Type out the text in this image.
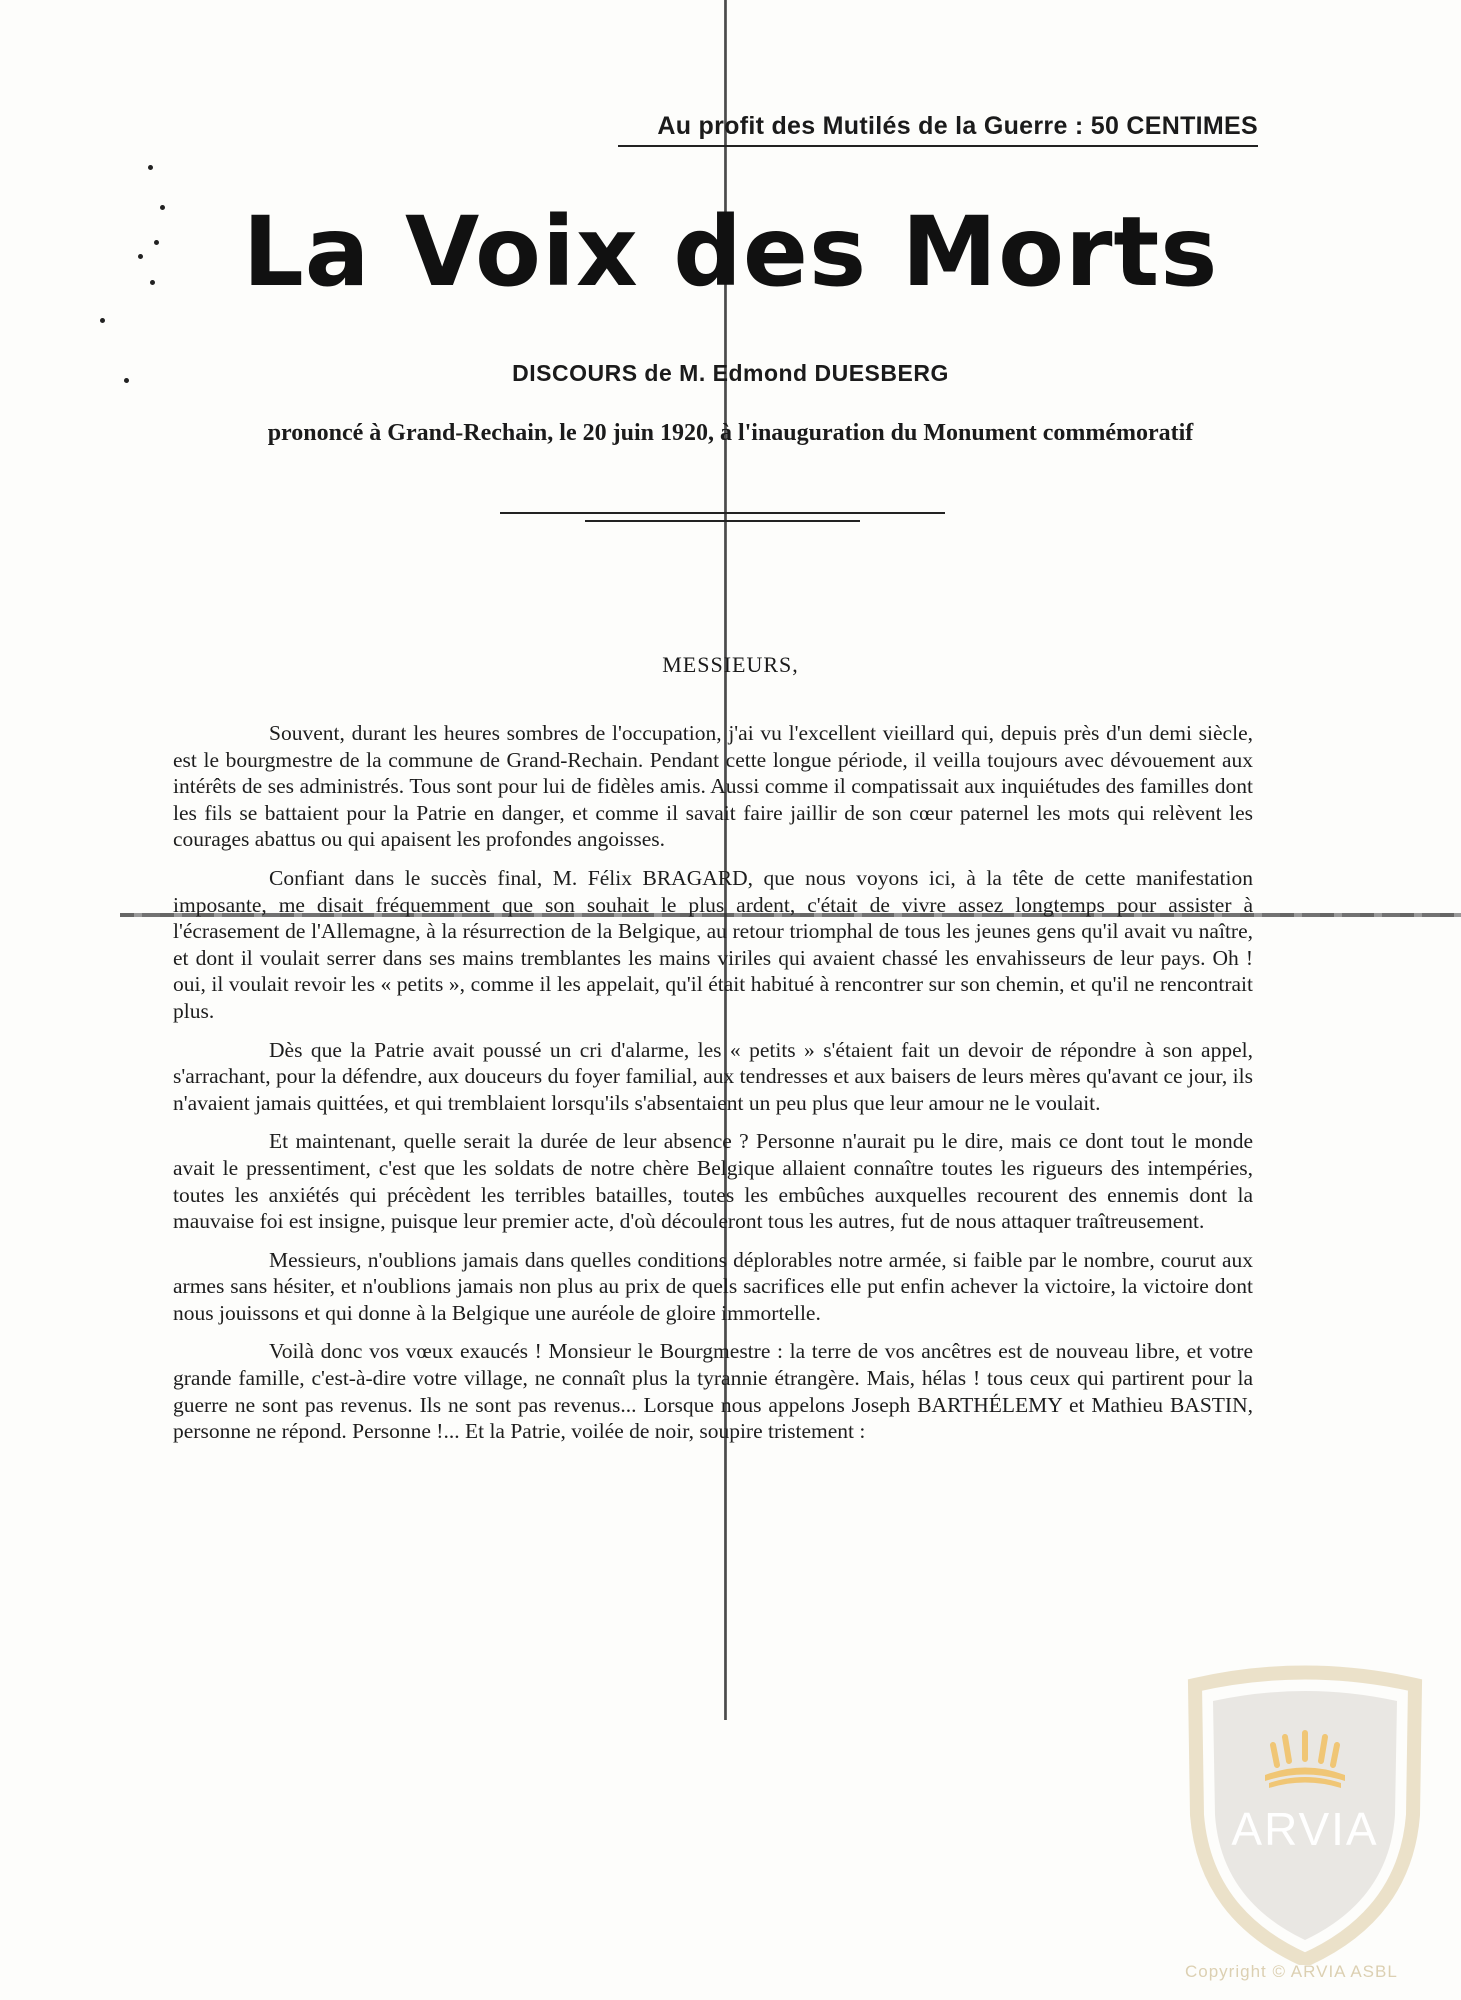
Au profit des Mutilés de la Guerre : 50 CENTIMES
La Voix des Morts
DISCOURS de M. Edmond DUESBERG
prononcé à Grand-Rechain, le 20 juin 1920, à l'inauguration du Monument commémoratif
MESSIEURS,

Souvent, durant les heures sombres de l'occupation, j'ai vu l'excellent vieillard qui, depuis près d'un demi siècle, est le bourgmestre de la commune de Grand-Rechain. Pendant cette longue période, il veilla toujours avec dévouement aux intérêts de ses administrés. Tous sont pour lui de fidèles amis. Aussi comme il compatissait aux inquiétudes des familles dont les fils se battaient pour la Patrie en danger, et comme il savait faire jaillir de son cœur paternel les mots qui relèvent les courages abattus ou qui apaisent les profondes angoisses.

Confiant dans le succès final, M. Félix BRAGARD, que nous voyons ici, à la tête de cette manifestation imposante, me disait fréquemment que son souhait le plus ardent, c'était de vivre assez longtemps pour assister à l'écrasement de l'Allemagne, à la résurrection de la Belgique, au retour triomphal de tous les jeunes gens qu'il avait vu naître, et dont il voulait serrer dans ses mains tremblantes les mains viriles qui avaient chassé les envahisseurs de leur pays. Oh ! oui, il voulait revoir les « petits », comme il les appelait, qu'il était habitué à rencontrer sur son chemin, et qu'il ne rencontrait plus.

Dès que la Patrie avait poussé un cri d'alarme, les « petits » s'étaient fait un devoir de répondre à son appel, s'arrachant, pour la défendre, aux douceurs du foyer familial, aux tendresses et aux baisers de leurs mères qu'avant ce jour, ils n'avaient jamais quittées, et qui tremblaient lorsqu'ils s'absentaient un peu plus que leur amour ne le voulait.

Et maintenant, quelle serait la durée de leur absence ? Personne n'aurait pu le dire, mais ce dont tout le monde avait le pressentiment, c'est que les soldats de notre chère Belgique allaient connaître toutes les rigueurs des intempéries, toutes les anxiétés qui précèdent les terribles batailles, toutes les embûches auxquelles recourent des ennemis dont la mauvaise foi est insigne, puisque leur premier acte, d'où découleront tous les autres, fut de nous attaquer traîtreusement.

Messieurs, n'oublions jamais dans quelles conditions déplorables notre armée, si faible par le nombre, courut aux armes sans hésiter, et n'oublions jamais non plus au prix de quels sacrifices elle put enfin achever la victoire, la victoire dont nous jouissons et qui donne à la Belgique une auréole de gloire immortelle.

Voilà donc vos vœux exaucés ! Monsieur le Bourgmestre : la terre de vos ancêtres est de nouveau libre, et votre grande famille, c'est-à-dire votre village, ne connaît plus la tyrannie étrangère. Mais, hélas ! tous ceux qui partirent pour la guerre ne sont pas revenus. Ils ne sont pas revenus... Lorsque nous appelons Joseph BARTHÉLEMY et Mathieu BASTIN, personne ne répond. Personne !... Et la Patrie, voilée de noir, soupire tristement :

ARVIA
Copyright © ARVIA ASBL
